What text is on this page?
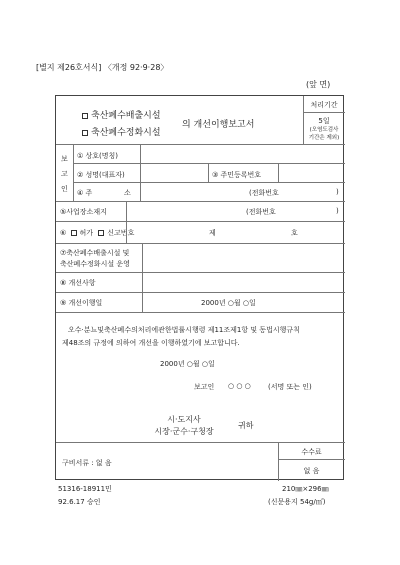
[별지 제26호서식] 〈개정 92·9·28〉
(앞 면)
축산폐수배출시설
축산폐수정화시설
의 개선이행보고서
처리기간
5일
(오염도검사
기간은 제외)
보
고
인
① 상호(명칭)
② 성명(대표자)	③ 주민등록번호
④ 주	소	(전화번호	)
⑤사업장소재지	(전화번호	)
⑥ 허가 신고번호	제	호
⑦축산폐수배출시설 및
축산폐수정화시설 운영
⑧ 개선사항
⑨ 개선이행일	2000년 ○월 ○일
오수·분뇨및축산폐수의처리에관한법률시행령 제11조제1항 및 동법시행규칙
제48조의 규정에 의하여 개선을 이행하였기에 보고합니다.
2000년 ○월 ○일
보고인 ○ ○ ○ (서명 또는 인)
시·도지사
시장·군수·구청장
귀하
구비서류 : 없 음
수수료
없 음
51316-18911민
92.6.17 승인
210㎜×296㎜
(신문용지 54g/㎡)
